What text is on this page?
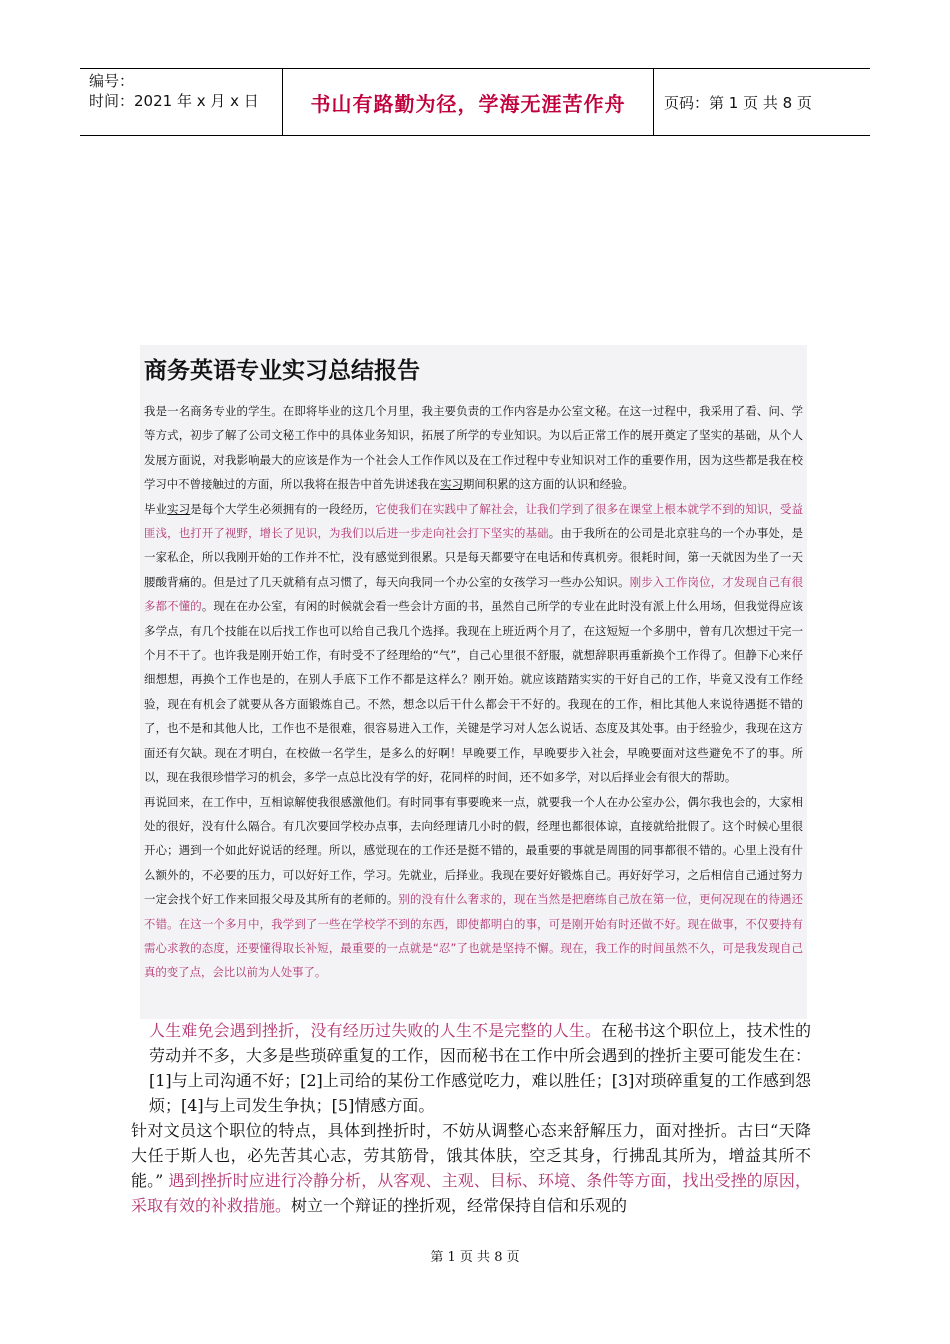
编号：
时间：2021 年 x 月 x 日	书山有路勤为径，学海无涯苦作舟	页码：第 1 页 共 8 页
商务英语专业实习总结报告

我是一名商务专业的学生。在即将毕业的这几个月里，我主要负责的工作内容是办公室文秘。在这一过程中，我采用了看、问、学等方式，初步了解了公司文秘工作中的具体业务知识，拓展了所学的专业知识。为以后正常工作的展开奠定了坚实的基础，从个人发展方面说，对我影响最大的应该是作为一个社会人工作作风以及在工作过程中专业知识对工作的重要作用，因为这些都是我在校学习中不曾接触过的方面，所以我将在报告中首先讲述我在实习期间积累的这方面的认识和经验。

毕业实习是每个大学生必须拥有的一段经历，它使我们在实践中了解社会，让我们学到了很多在课堂上根本就学不到的知识，受益匪浅，也打开了视野，增长了见识，为我们以后进一步走向社会打下坚实的基础。由于我所在的公司是北京驻乌的一个办事处，是一家私企，所以我刚开始的工作并不忙，没有感觉到很累。只是每天都要守在电话和传真机旁。很耗时间，第一天就因为坐了一天腰酸背痛的。但是过了几天就稍有点习惯了，每天向我同一个办公室的女孩学习一些办公知识。刚步入工作岗位，才发现自己有很多都不懂的。现在在办公室，有闲的时候就会看一些会计方面的书，虽然自己所学的专业在此时没有派上什么用场，但我觉得应该多学点，有几个技能在以后找工作也可以给自己我几个选择。我现在上班近两个月了，在这短短一个多朋中，曾有几次想过干完一个月不干了。也许我是刚开始工作，有时受不了经理给的“气”，自己心里很不舒服，就想辞职再重新换个工作得了。但静下心来仔细想想，再换个工作也是的，在别人手底下工作不都是这样么？刚开始。就应该踏踏实实的干好自己的工作，毕竟又没有工作经验，现在有机会了就要从各方面锻炼自己。不然，想念以后干什么都会干不好的。我现在的工作，相比其他人来说待遇挺不错的了，也不是和其他人比，工作也不是很难，很容易进入工作，关键是学习对人怎么说话、态度及其处事。由于经验少，我现在这方面还有欠缺。现在才明白，在校做一名学生，是多么的好啊！早晚要工作，早晚要步入社会，早晚要面对这些避免不了的事。所以，现在我很珍惜学习的机会，多学一点总比没有学的好，花同样的时间，还不如多学，对以后择业会有很大的帮助。

再说回来，在工作中，互相谅解使我很感激他们。有时同事有事要晚来一点，就要我一个人在办公室办公，偶尔我也会的，大家相处的很好，没有什么隔合。有几次要回学校办点事，去向经理请几小时的假，经理也都很体谅，直接就给批假了。这个时候心里很开心；遇到一个如此好说话的经理。所以，感觉现在的工作还是挺不错的，最重要的事就是周围的同事都很不错的。心里上没有什么额外的，不必要的压力，可以好好工作，学习。先就业，后择业。我现在要好好锻炼自己。再好好学习，之后相信自己通过努力一定会找个好工作来回报父母及其所有的老师的。别的没有什么奢求的，现在当然是把磨练自己放在第一位，更何况现在的待遇还不错。在这一个多月中，我学到了一些在学校学不到的东西，即使都明白的事，可是刚开始有时还做不好。现在做事，不仅要持有需心求教的态度，还要懂得取长补短，最重要的一点就是“忍”了也就是坚持不懈。现在，我工作的时间虽然不久，可是我发现自己真的变了点，会比以前为人处事了。

人生难免会遇到挫折，没有经历过失败的人生不是完整的人生。在秘书这个职位上，技术性的劳动并不多，大多是些琐碎重复的工作，因而秘书在工作中所会遇到的挫折主要可能发生在：[1]与上司沟通不好；[2]上司给的某份工作感觉吃力，难以胜任；[3]对琐碎重复的工作感到怨烦；[4]与上司发生争执；[5]情感方面。

针对文员这个职位的特点，具体到挫折时，不妨从调整心态来舒解压力，面对挫折。古曰“天降大任于斯人也，必先苦其心志，劳其筋骨，饿其体肤，空乏其身，行拂乱其所为，增益其所不能。” 遇到挫折时应进行冷静分析，从客观、主观、目标、环境、条件等方面，找出受挫的原因，采取有效的补救措施。树立一个辩证的挫折观，经常保持自信和乐观的

第 1 页 共 8 页
